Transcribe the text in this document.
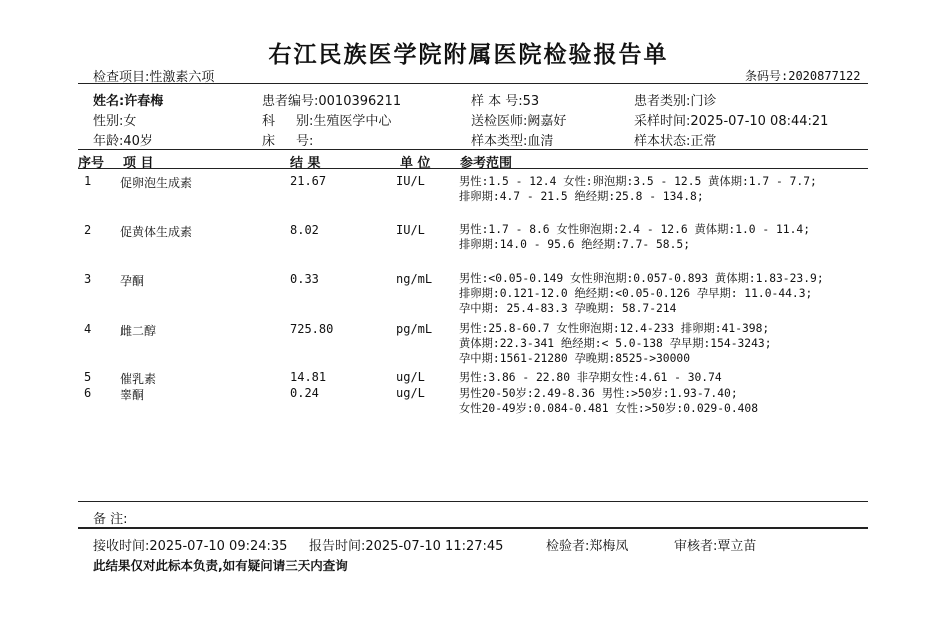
右江民族医学院附属医院检验报告单
检查项目:性激素六项	条码号:2020877122
姓名:许春梅	患者编号:0010396211	样 本 号:53	患者类别:门诊
性别:女	科 别:生殖医学中心	送检医师:阙嘉好	采样时间:2025-07-10 08:44:21
年龄:40岁	床 号:	样本类型:血清	样本状态:正常
序号 项 目	结 果	单 位 参考范围
1 促卵泡生成素	21.67	IU/L	男性:1.5 - 12.4 女性:卵泡期:3.5 - 12.5 黄体期:1.7 - 7.7;
排卵期:4.7 - 21.5 绝经期:25.8 - 134.8;
2 促黄体生成素	8.02	IU/L	男性:1.7 - 8.6 女性卵泡期:2.4 - 12.6 黄体期:1.0 - 11.4;
排卵期:14.0 - 95.6 绝经期:7.7- 58.5;
3 孕酮	0.33	ng/mL 男性:<0.05-0.149 女性卵泡期:0.057-0.893 黄体期:1.83-23.9;
排卵期:0.121-12.0 绝经期:<0.05-0.126 孕早期: 11.0-44.3;
孕中期: 25.4-83.3 孕晚期: 58.7-214
4 雌二醇	725.80	pg/mL 男性:25.8-60.7 女性卵泡期:12.4-233 排卵期:41-398;
黄体期:22.3-341 绝经期:< 5.0-138 孕早期:154-3243;
孕中期:1561-21280 孕晚期:8525->30000
5 催乳素	14.81	ug/L	男性:3.86 - 22.80 非孕期女性:4.61 - 30.74
6 睾酮	0.24	ug/L	男性20-50岁:2.49-8.36 男性:>50岁:1.93-7.40;
女性20-49岁:0.084-0.481 女性:>50岁:0.029-0.408
备 注:
接收时间:2025-07-10 09:24:35 报告时间:2025-07-10 11:27:45	检验者:郑梅凤	审核者:覃立苗
此结果仅对此标本负责,如有疑问请三天内查询
